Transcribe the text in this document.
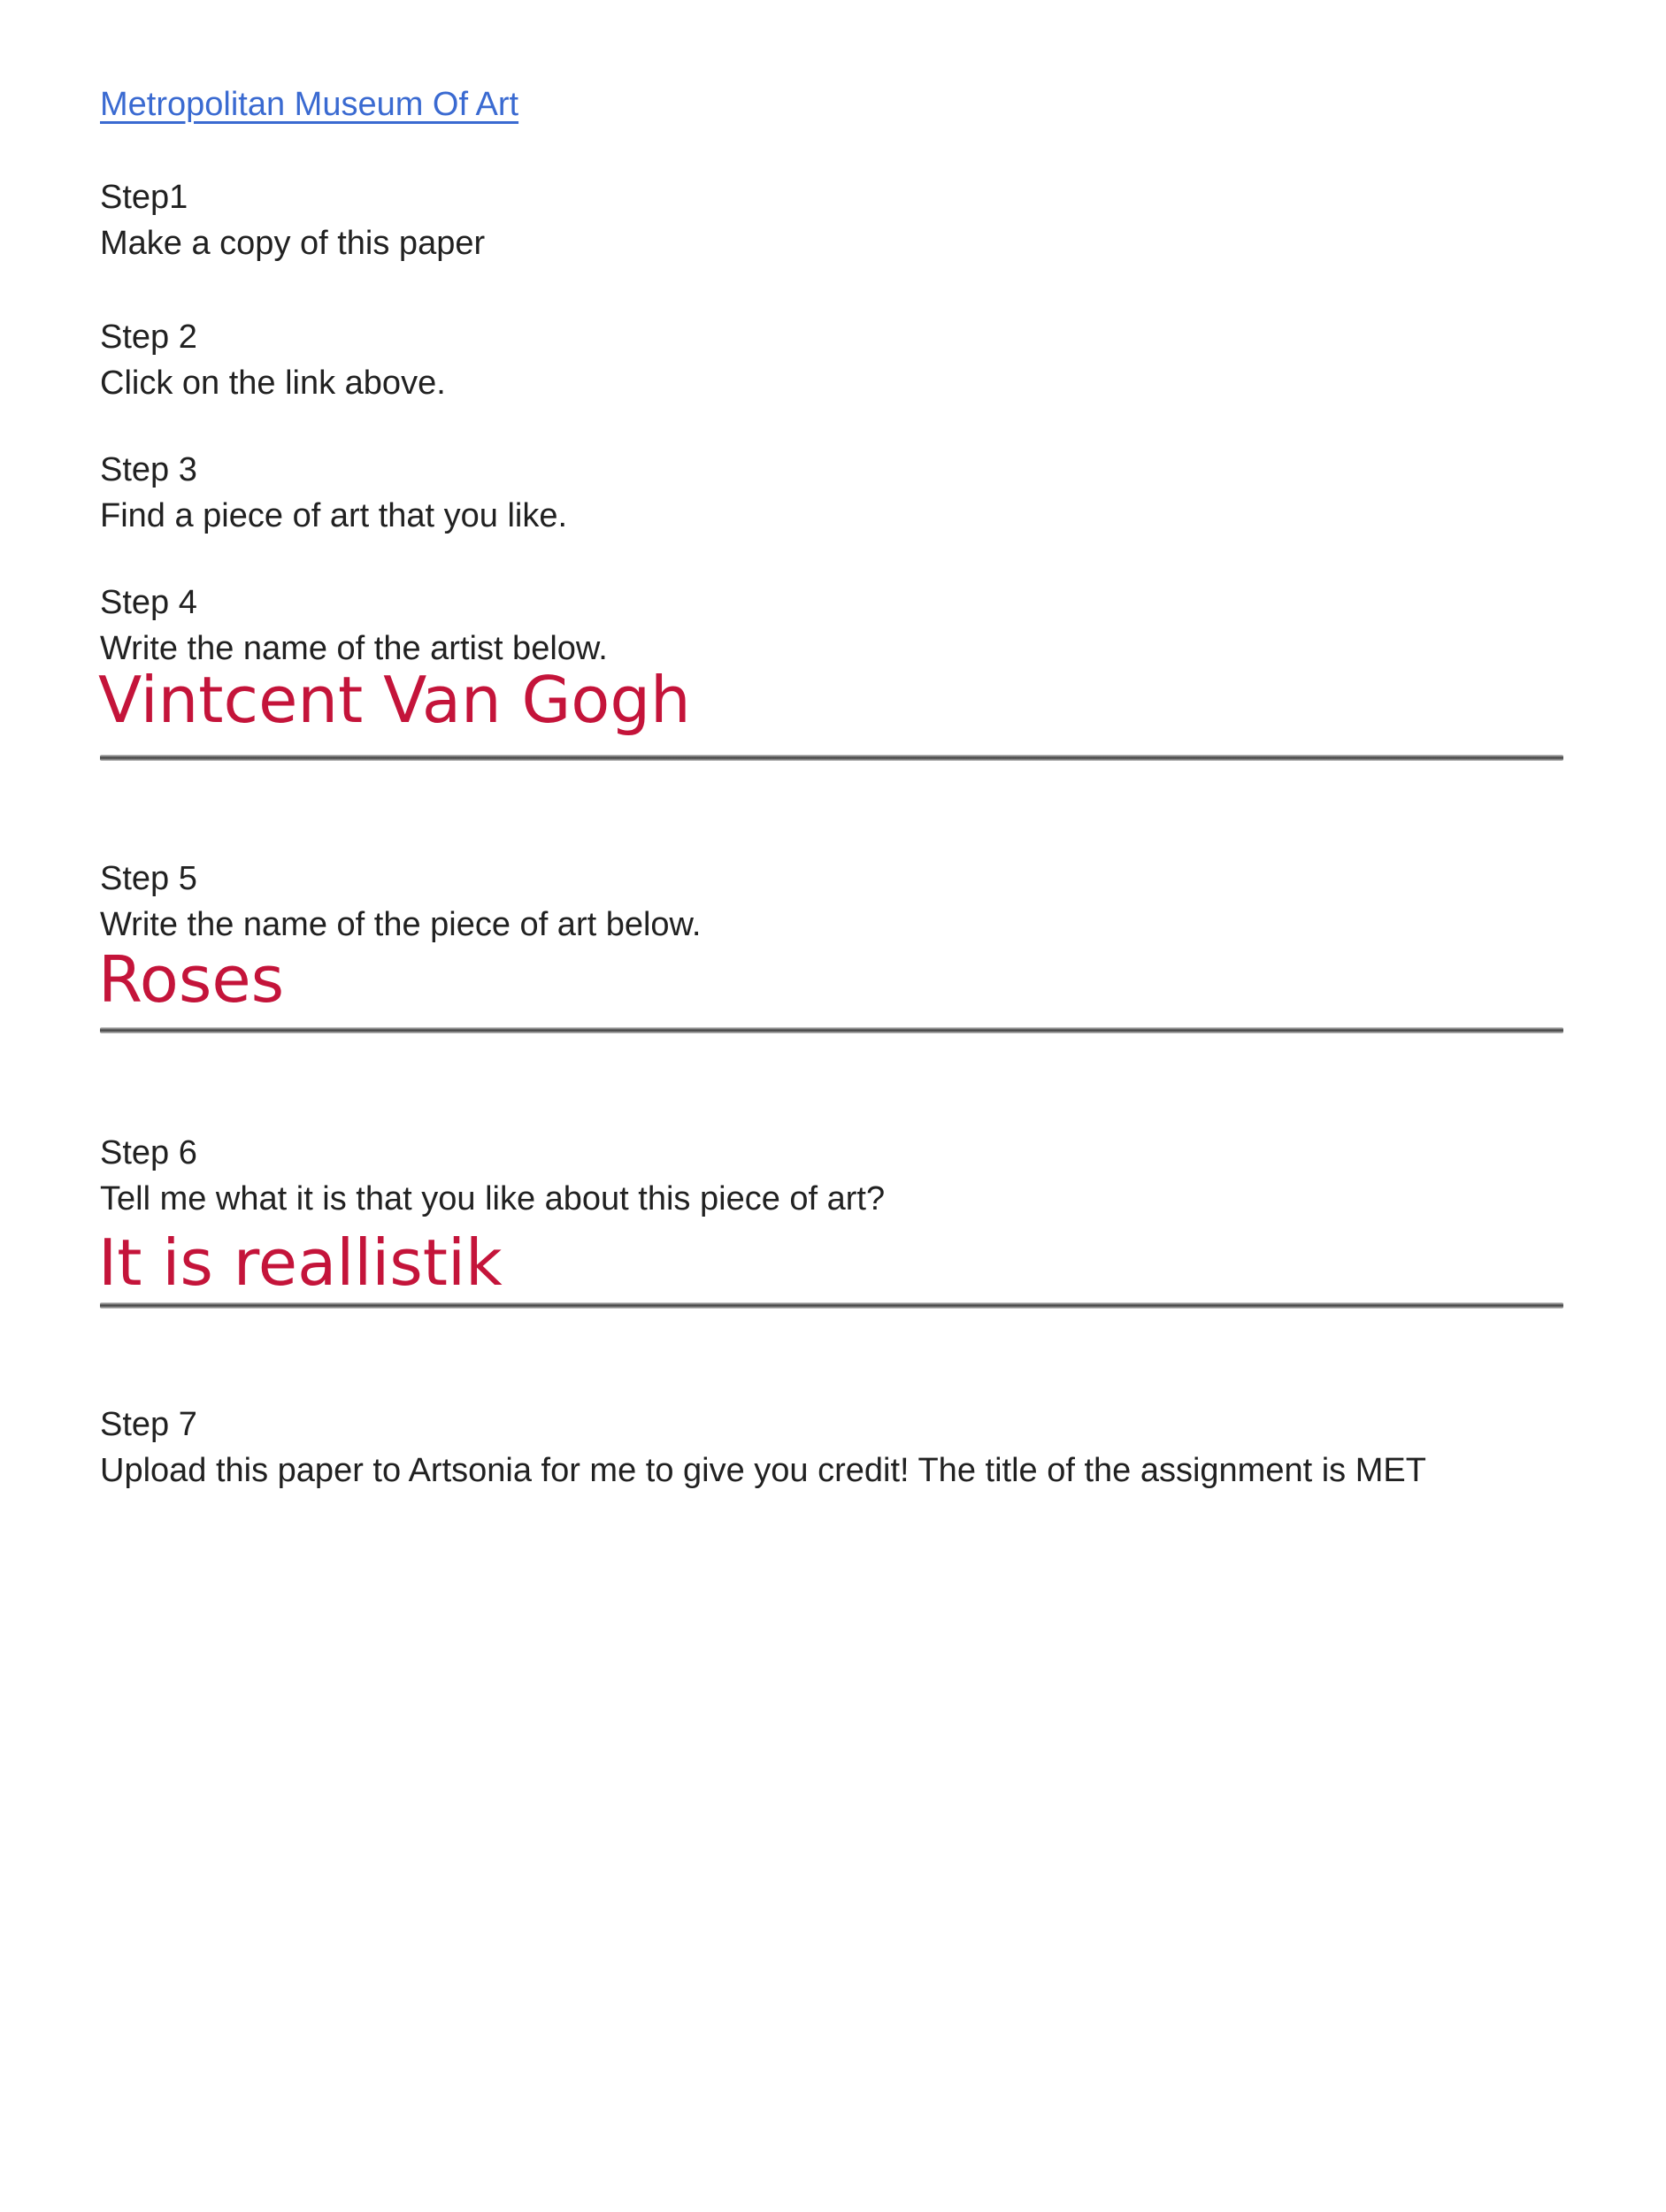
Metropolitan Museum Of Art
Step1
Make a copy of this paper
Step 2
Click on the link above.
Step 3
Find a piece of art that you like.
Step 4
Write the name of the artist below.
Vintcent Van Gogh
Step 5
Write the name of the piece of art below.
Roses
Step 6
Tell me what it is that you like about this piece of art?
It is reallistik
Step 7
Upload this paper to Artsonia for me to give you credit! The title of the assignment is MET
